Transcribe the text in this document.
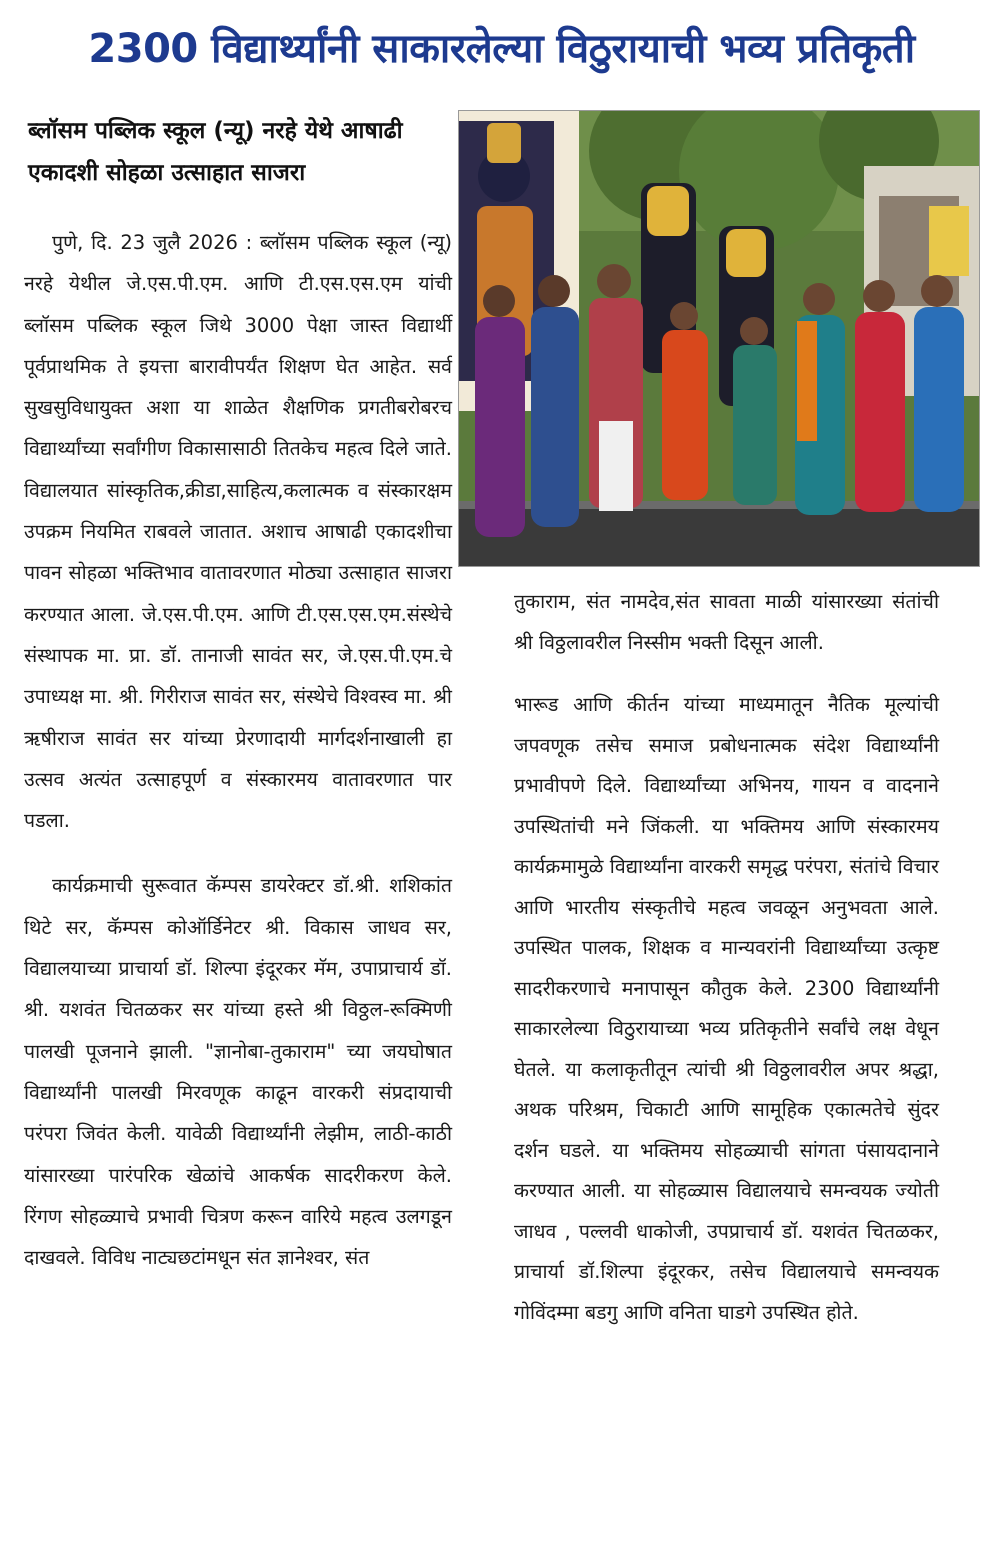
2300 विद्यार्थ्यांनी साकारलेल्या विठुरायाची भव्य प्रतिकृती
ब्लॉसम पब्लिक स्कूल (न्यू) नरहे येथे आषाढी एकादशी सोहळा उत्साहात साजरा

पुणे, दि. 23 जुलै 2026 : ब्लॉसम पब्लिक स्कूल (न्यू) नरहे येथील जे.एस.पी.एम. आणि टी.एस.एस.एम यांची ब्लॉसम पब्लिक स्कूल जिथे 3000 पेक्षा जास्त विद्यार्थी पूर्वप्राथमिक ते इयत्ता बारावीपर्यंत शिक्षण घेत आहेत. सर्व सुखसुविधायुक्त अशा या शाळेत शैक्षणिक प्रगतीबरोबरच विद्यार्थ्यांच्या सर्वांगीण विकासासाठी तितकेच महत्व दिले जाते. विद्यालयात सांस्कृतिक,क्रीडा,साहित्य,कलात्मक व संस्कारक्षम उपक्रम नियमित राबवले जातात. अशाच आषाढी एकादशीचा पावन सोहळा भक्तिभाव वातावरणात मोठ्या उत्साहात साजरा करण्यात आला. जे.एस.पी.एम. आणि टी.एस.एस.एम.संस्थेचे संस्थापक मा. प्रा. डॉ. तानाजी सावंत सर, जे.एस.पी.एम.चे उपाध्यक्ष मा. श्री. गिरीराज सावंत सर, संस्थेचे विश्वस्व मा. श्री ऋषीराज सावंत सर यांच्या प्रेरणादायी मार्गदर्शनाखाली हा उत्सव अत्यंत उत्साहपूर्ण व संस्कारमय वातावरणात पार पडला.

कार्यक्रमाची सुरूवात कॅम्पस डायरेक्टर डॉ.श्री. शशिकांत थिटे सर, कॅम्पस कोऑर्डिनेटर श्री. विकास जाधव सर, विद्यालयाच्या प्राचार्या डॉ. शिल्पा इंदूरकर मॅम, उपाप्राचार्य डॉ. श्री. यशवंत चितळकर सर यांच्या हस्ते श्री विठ्ठल-रूक्मिणी पालखी पूजनाने झाली. "ज्ञानोबा-तुकाराम" च्या जयघोषात विद्यार्थ्यांनी पालखी मिरवणूक काढून वारकरी संप्रदायाची परंपरा जिवंत केली. यावेळी विद्यार्थ्यांनी लेझीम, लाठी-काठी यांसारख्या पारंपरिक खेळांचे आकर्षक सादरीकरण केले. रिंगण सोहळ्याचे प्रभावी चित्रण करून वारिये महत्व उलगडून दाखवले. विविध नाट्यछटांमधून संत ज्ञानेश्वर, संत

तुकाराम, संत नामदेव,संत सावता माळी यांसारख्या संतांची श्री विठ्ठलावरील निस्सीम भक्ती दिसून आली.

भारूड आणि कीर्तन यांच्या माध्यमातून नैतिक मूल्यांची जपवणूक तसेच समाज प्रबोधनात्मक संदेश विद्यार्थ्यांनी प्रभावीपणे दिले. विद्यार्थ्यांच्या अभिनय, गायन व वादनाने उपस्थितांची मने जिंकली. या भक्तिमय आणि संस्कारमय कार्यक्रमामुळे विद्यार्थ्यांना वारकरी समृद्ध परंपरा, संतांचे विचार आणि भारतीय संस्कृतीचे महत्व जवळून अनुभवता आले. उपस्थित पालक, शिक्षक व मान्यवरांनी विद्यार्थ्यांच्या उत्कृष्ट सादरीकरणाचे मनापासून कौतुक केले. 2300 विद्यार्थ्यांनी साकारलेल्या विठुरायाच्या भव्य प्रतिकृतीने सर्वांचे लक्ष वेधून घेतले. या कलाकृतीतून त्यांची श्री विठ्ठलावरील अपर श्रद्धा, अथक परिश्रम, चिकाटी आणि सामूहिक एकात्मतेचे सुंदर दर्शन घडले. या भक्तिमय सोहळ्याची सांगता पंसायदानाने करण्यात आली. या सोहळ्यास विद्यालयाचे समन्वयक ज्योती जाधव , पल्लवी धाकोजी, उपप्राचार्य डॉ. यशवंत चितळकर, प्राचार्या डॉ.शिल्पा इंदूरकर, तसेच विद्यालयाचे समन्वयक गोविंदम्मा बडगु आणि वनिता घाडगे उपस्थित होते.
